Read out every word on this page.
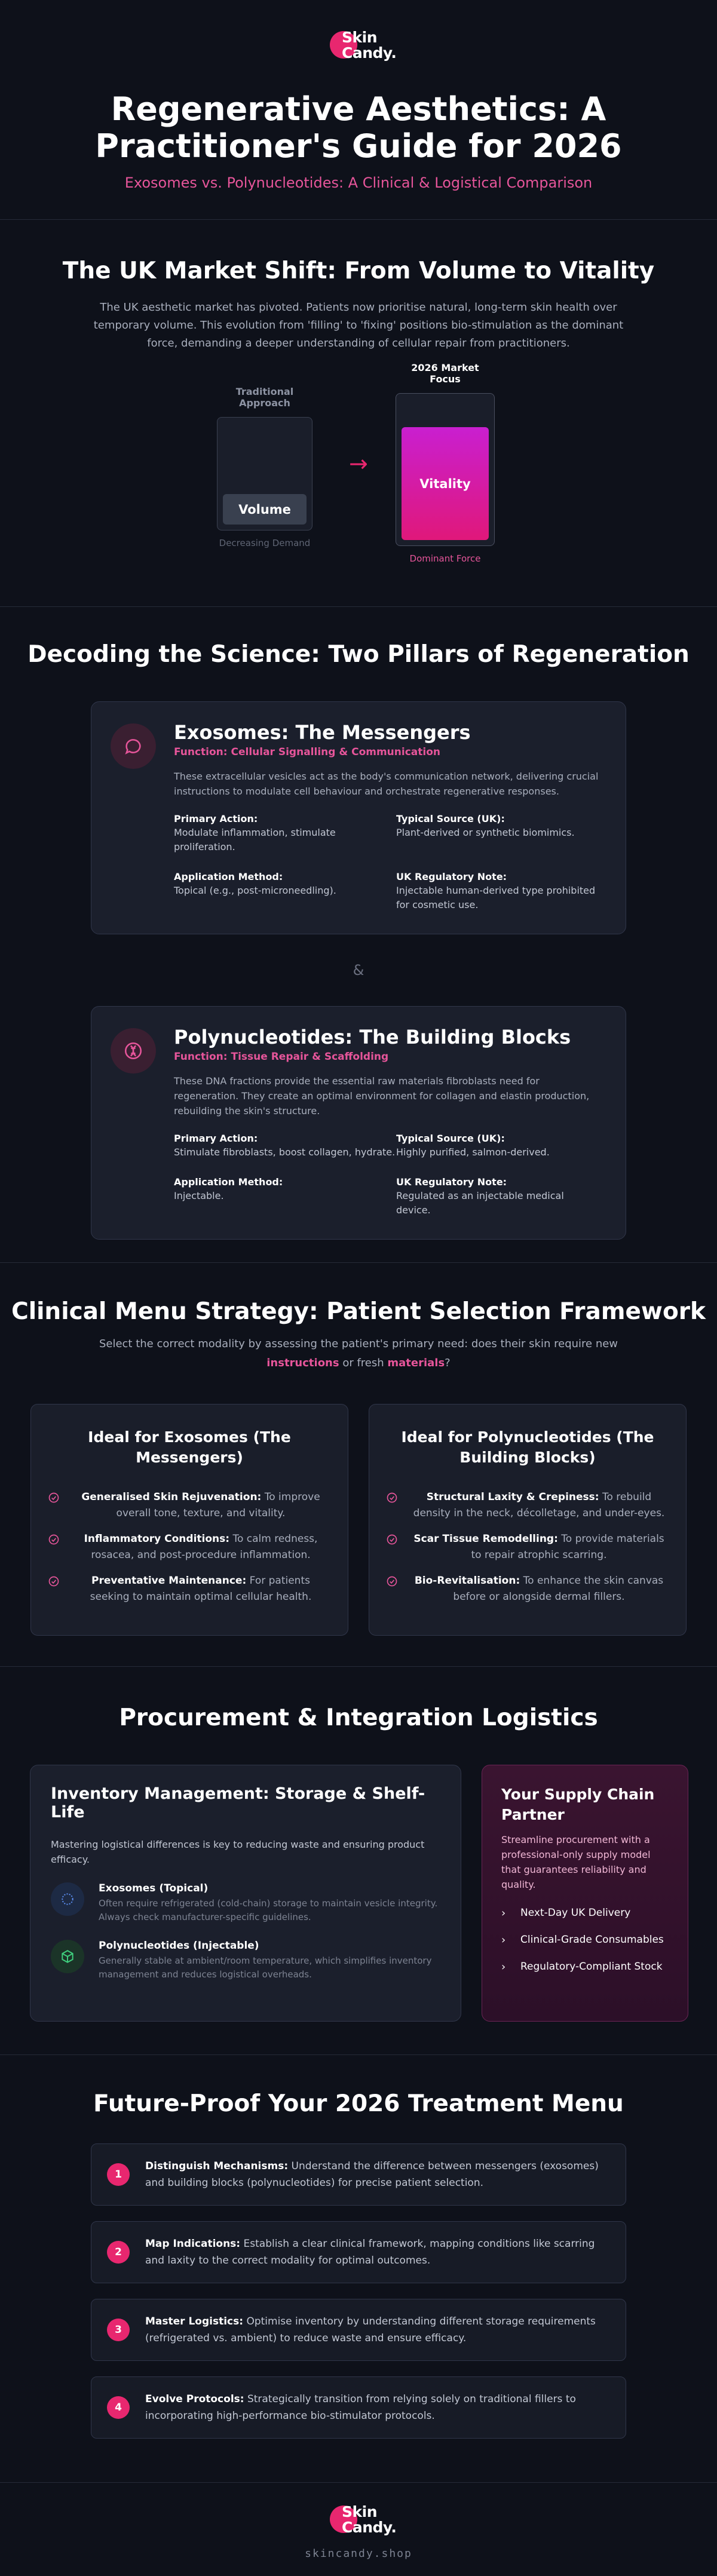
Skin
Candy.
Regenerative Aesthetics: A
Practitioner's Guide for 2026
Exosomes vs. Polynucleotides: A Clinical & Logistical Comparison
The UK Market Shift: From Volume to Vitality

The UK aesthetic market has pivoted. Patients now prioritise natural, long-term skin health over temporary volume. This evolution from 'filling' to 'fixing' positions bio-stimulation as the dominant force, demanding a deeper understanding of cellular repair from practitioners.

Traditional Approach
Volume
Decreasing Demand
→
2026 Market Focus
Vitality
Dominant Force
Decoding the Science: Two Pillars of Regeneration
Exosomes: The Messengers
Function: Cellular Signalling & Communication

These extracellular vesicles act as the body's communication network, delivering crucial instructions to modulate cell behaviour and orchestrate regenerative responses.

Primary Action:
Modulate inflammation, stimulate proliferation.
Typical Source (UK):
Plant-derived or synthetic biomimics.
Application Method:
Topical (e.g., post-microneedling).
UK Regulatory Note:
Injectable human-derived type prohibited for cosmetic use.
&
Polynucleotides: The Building Blocks
Function: Tissue Repair & Scaffolding

These DNA fractions provide the essential raw materials fibroblasts need for regeneration. They create an optimal environment for collagen and elastin production, rebuilding the skin's structure.

Primary Action:
Stimulate fibroblasts, boost collagen, hydrate.
Typical Source (UK):
Highly purified, salmon-derived.
Application Method:
Injectable.
UK Regulatory Note:
Regulated as an injectable medical device.
Clinical Menu Strategy: Patient Selection Framework

Select the correct modality by assessing the patient's primary need: does their skin require new
instructions or fresh materials?

Ideal for Exosomes (The Messengers)
Generalised Skin Rejuvenation: To improve overall tone, texture, and vitality.
Inflammatory Conditions: To calm redness, rosacea, and post-procedure inflammation.
Preventative Maintenance: For patients seeking to maintain optimal cellular health.
Ideal for Polynucleotides (The Building Blocks)
Structural Laxity & Crepiness: To rebuild density in the neck, décolletage, and under-eyes.
Scar Tissue Remodelling: To provide materials to repair atrophic scarring.
Bio-Revitalisation: To enhance the skin canvas before or alongside dermal fillers.
Procurement & Integration Logistics
Inventory Management: Storage & Shelf-Life

Mastering logistical differences is key to reducing waste and ensuring product efficacy.

Exosomes (Topical)
Often require refrigerated (cold-chain) storage to maintain vesicle integrity. Always check manufacturer-specific guidelines.
Polynucleotides (Injectable)
Generally stable at ambient/room temperature, which simplifies inventory management and reduces logistical overheads.
Your Supply Chain Partner

Streamline procurement with a professional-only supply model that guarantees reliability and quality.

› Next-Day UK Delivery
› Clinical-Grade Consumables
› Regulatory-Compliant Stock
Future-Proof Your 2026 Treatment Menu
1
Distinguish Mechanisms: Understand the difference between messengers (exosomes) and building blocks (polynucleotides) for precise patient selection.
2
Map Indications: Establish a clear clinical framework, mapping conditions like scarring and laxity to the correct modality for optimal outcomes.
3
Master Logistics: Optimise inventory by understanding different storage requirements (refrigerated vs. ambient) to reduce waste and ensure efficacy.
4
Evolve Protocols: Strategically transition from relying solely on traditional fillers to incorporating high-performance bio-stimulator protocols.
Skin
Candy.
skincandy.shop
